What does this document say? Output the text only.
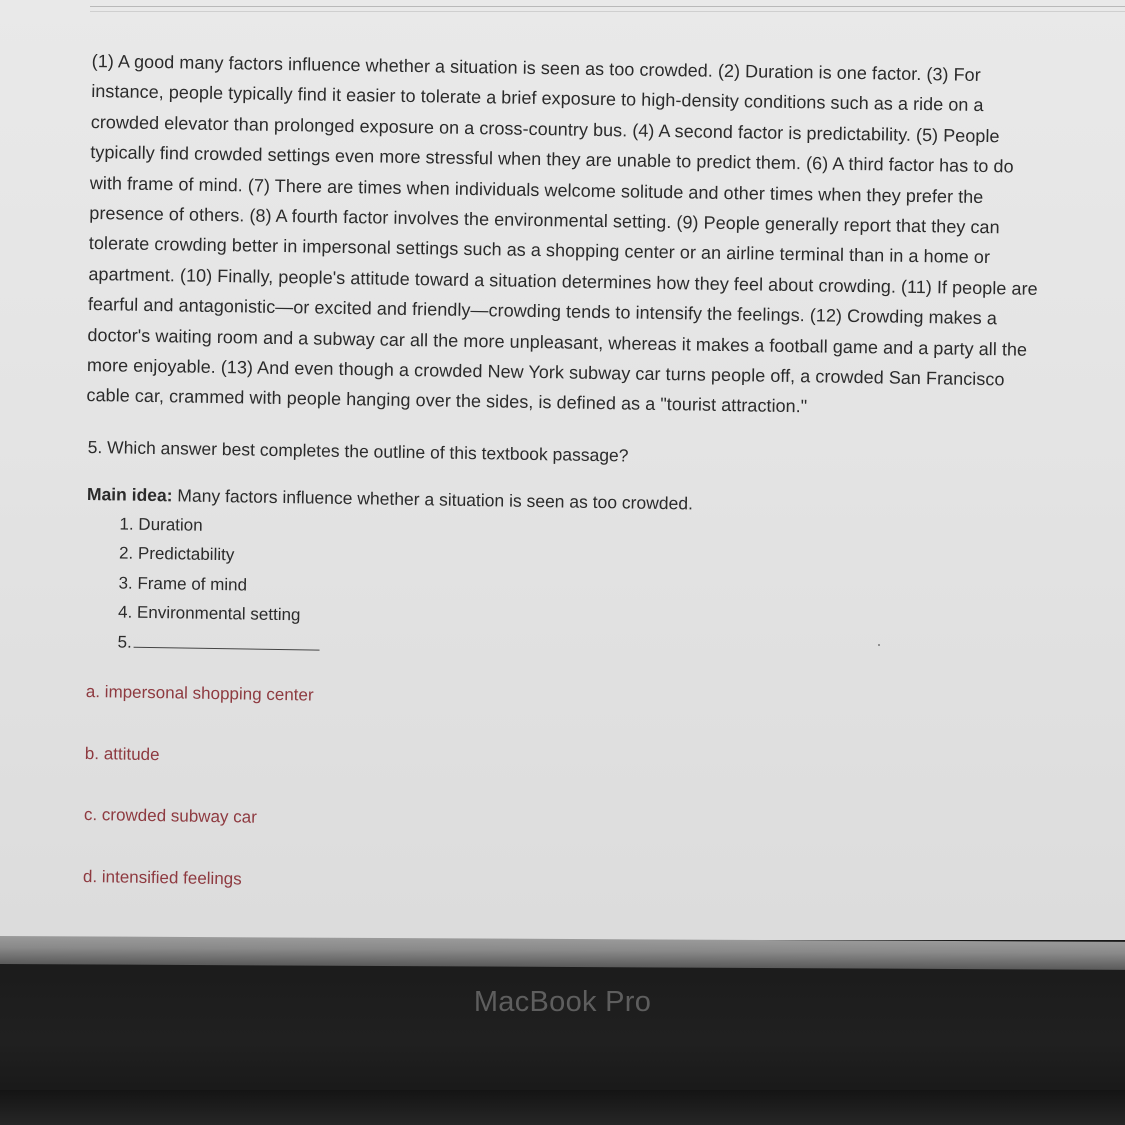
(1) A good many factors influence whether a situation is seen as too crowded. (2) Duration is one factor. (3) For
instance, people typically find it easier to tolerate a brief exposure to high-density conditions such as a ride on a
crowded elevator than prolonged exposure on a cross-country bus. (4) A second factor is predictability. (5) People
typically find crowded settings even more stressful when they are unable to predict them. (6) A third factor has to do
with frame of mind. (7) There are times when individuals welcome solitude and other times when they prefer the
presence of others. (8) A fourth factor involves the environmental setting. (9) People generally report that they can
tolerate crowding better in impersonal settings such as a shopping center or an airline terminal than in a home or
apartment. (10) Finally, people's attitude toward a situation determines how they feel about crowding. (11) If people are
fearful and antagonistic—or excited and friendly—crowding tends to intensify the feelings. (12) Crowding makes a
doctor's waiting room and a subway car all the more unpleasant, whereas it makes a football game and a party all the
more enjoyable. (13) And even though a crowded New York subway car turns people off, a crowded San Francisco
cable car, crammed with people hanging over the sides, is defined as a "tourist attraction."

5. Which answer best completes the outline of this textbook passage?

Main idea: Many factors influence whether a situation is seen as too crowded.

1. Duration
2. Predictability
3. Frame of mind
4. Environmental setting
5.
a. impersonal shopping center
b. attitude
c. crowded subway car
d. intensified feelings
MacBook Pro
